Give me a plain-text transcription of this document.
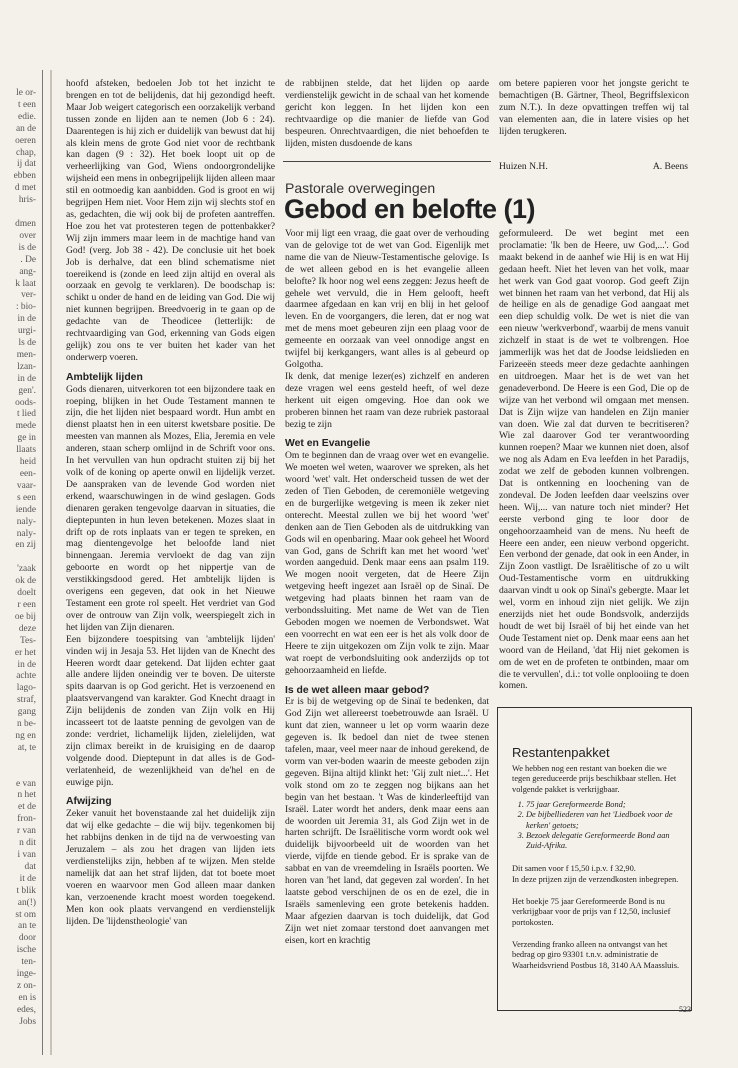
le or-
t een
edie.
an de
oeren
chap,
ij dat
ebben
d met
hris-

dmen
over
is de
. De
ang-
k laat
ver-
: bio-
in de
urgi-
ls de
men-
lzan-
in de
gen'.
oods-
t lied
mede
ge in
llaats
heid
een-
vaar-
s een
iende
naly-
naly-
en zij

'zaak
ok de
doelt
r een
oe bij
deze
Tes-
er het
in de
achte
lago-
straf,
gang
n be-
ng en
at, te

e van
n het
et de
fron-
r van
n dit
i van
dat
it de
t blik
an(!)
st om
an te
door
ische
ten-
inge-
z on-
en is
edes,
Jobs

hoofd afsteken, bedoelen Job tot het inzicht te brengen en tot de belijdenis, dat hij gezondigd heeft. Maar Job weigert categorisch een oorzakelijk verband tussen zonde en lijden aan te nemen (Job 6 : 24). Daarentegen is hij zich er duidelijk van bewust dat hij als klein mens de grote God niet voor de rechtbank kan dagen (9 : 32). Het boek loopt uit op de verheerlijking van God, Wiens ondoorgrondelijke wijsheid een mens in onbegrijpelijk lijden alleen maar stil en ootmoedig kan aanbidden. God is groot en wij begrijpen Hem niet. Voor Hem zijn wij slechts stof en as, gedachten, die wij ook bij de profeten aantreffen. Hoe zou het vat protesteren tegen de pottenbakker? Wij zijn immers maar leem in de machtige hand van God! (verg. Job 38 - 42). De conclusie uit het boek Job is derhalve, dat een blind schematisme niet toereikend is (zonde en leed zijn altijd en overal als oorzaak en gevolg te verklaren). De boodschap is: schikt u onder de hand en de leiding van God. Die wij niet kunnen begrijpen. Breedvoerig in te gaan op de gedachte van de Theodicee (letterlijk: de rechtvaardiging van God, erkenning van Gods eigen gelijk) zou ons te ver buiten het kader van het onderwerp voeren.

Ambtelijk lijden

Gods dienaren, uitverkoren tot een bijzondere taak en roeping, blijken in het Oude Testament mannen te zijn, die het lijden niet bespaard wordt. Hun ambt en dienst plaatst hen in een uiterst kwetsbare positie. De meesten van mannen als Mozes, Elia, Jeremia en vele anderen, staan scherp omlijnd in de Schrift voor ons. In het vervullen van hun opdracht stuiten zij bij het volk of de koning op aperte onwil en lijdelijk verzet. De aanspraken van de levende God worden niet erkend, waarschuwingen in de wind geslagen. Gods dienaren geraken tengevolge daarvan in situaties, die dieptepunten in hun leven betekenen. Mozes slaat in drift op de rots inplaats van er tegen te spreken, en mag dientengevolge het beloofde land niet binnengaan. Jeremia vervloekt de dag van zijn geboorte en wordt op het nippertje van de verstikkingsdood gered. Het ambtelijk lijden is overigens een gegeven, dat ook in het Nieuwe Testament een grote rol speelt. Het verdriet van God over de ontrouw van Zijn volk, weerspiegelt zich in het lijden van Zijn dienaren.

Een bijzondere toespitsing van 'ambtelijk lijden' vinden wij in Jesaja 53. Het lijden van de Knecht des Heeren wordt daar getekend. Dat lijden echter gaat alle andere lijden oneindig ver te boven. De uiterste spits daarvan is op God gericht. Het is verzoenend en plaatsvervangend van karakter. God Knecht draagt in Zijn belijdenis de zonden van Zijn volk en Hij incasseert tot de laatste penning de gevolgen van de zonde: verdriet, lichamelijk lijden, zielelijden, wat zijn climax bereikt in de kruisiging en de daarop volgende dood. Dieptepunt in dat alles is de God-verlatenheid, de wezenlijkheid van de'hel en de euwige pijn.

Afwijzing

Zeker vanuit het bovenstaande zal het duidelijk zijn dat wij elke gedachte – die wij bijv. tegenkomen bij het rabbijns denken in de tijd na de verwoesting van Jeruzalem – als zou het dragen van lijden iets verdienstelijks zijn, hebben af te wijzen. Men stelde namelijk dat aan het straf lijden, dat tot boete moet voeren en waarvoor men God alleen maar danken kan, verzoenende kracht moest worden toegekend. Men kon ook plaats vervangend en verdienstelijk lijden. De 'lijdenstheologie' van

de rabbijnen stelde, dat het lijden op aarde verdienstelijk gewicht in de schaal van het komende gericht kon leggen. In het lijden kon een rechtvaardige op die manier de liefde van God bespeuren. Onrechtvaardigen, die niet behoefden te lijden, misten dusdoende de kans

om betere papieren voor het jongste gericht te bemachtigen (B. Gärtner, Theol, Begriffslexicon zum N.T.). In deze opvattingen treffen wij tal van elementen aan, die in latere visies op het lijden terugkeren.

Huizen N.H.	A. Beens
Pastorale overwegingen
Gebod en belofte (1)

Voor mij ligt een vraag, die gaat over de verhouding van de gelovige tot de wet van God. Eigenlijk met name die van de Nieuw-Testamentische gelovige. Is de wet alleen gebod en is het evangelie alleen belofte? Ik hoor nog wel eens zeggen: Jezus heeft de gehele wet vervuld, die in Hem gelooft, heeft daarmee afgedaan en kan vrij en blij in het geloof leven. En de voorgangers, die leren, dat er nog wat met de mens moet gebeuren zijn een plaag voor de gemeente en oorzaak van veel onnodige angst en twijfel bij kerkgangers, want alles is al gebeurd op Golgotha.

Ik denk, dat menige lezer(es) zichzelf en anderen deze vragen wel eens gesteld heeft, of wel deze herkent uit eigen omgeving. Hoe dan ook we proberen binnen het raam van deze rubriek pastoraal bezig te zijn

Wet en Evangelie

Om te beginnen dan de vraag over wet en evangelie. We moeten wel weten, waarover we spreken, als het woord 'wet' valt. Het onderscheid tussen de wet der zeden of Tien Geboden, de ceremoniële wetgeving en de burgerlijke wetgeving is meen ik zeker niet onterecht. Meestal zullen we bij het woord 'wet' denken aan de Tien Geboden als de uitdrukking van Gods wil en openbaring. Maar ook geheel het Woord van God, gans de Schrift kan met het woord 'wet' worden aangeduid. Denk maar eens aan psalm 119. We mogen nooit vergeten, dat de Heere Zijn wetgeving heeft ingezet aan Israël op de Sinaï. De wetgeving had plaats binnen het raam van de verbondssluiting. Met name de Wet van de Tien Geboden mogen we noemen de Verbondswet. Wat een voorrecht en wat een eer is het als volk door de Heere te zijn uitgekozen om Zijn volk te zijn. Maar wat roept de verbondsluiting ook anderzijds op tot gehoorzaamheid en liefde.

Is de wet alleen maar gebod?

Er is bij de wetgeving op de Sinaï te bedenken, dat God Zijn wet allereerst toebetrouwde aan Israël. U kunt dat zien, wanneer u let op vorm waarin deze gegeven is. Ik bedoel dan niet de twee stenen tafelen, maar, veel meer naar de inhoud gerekend, de vorm van ver-boden waarin de meeste geboden zijn gegeven. Bijna altijd klinkt het: 'Gij zult niet...'. Het volk stond om zo te zeggen nog bijkans aan het begin van het bestaan. 't Was de kinderleeftijd van Israël. Later wordt het anders, denk maar eens aan de woorden uit Jeremia 31, als God Zijn wet in de harten schrijft. De Israëlitische vorm wordt ook wel duidelijk bijvoorbeeld uit de woorden van het vierde, vijfde en tiende gebod. Er is sprake van de sabbat en van de vreemdeling in Israëls poorten. We horen van 'het land, dat gegeven zal worden'. In het laatste gebod verschijnen de os en de ezel, die in Israëls samenleving een grote betekenis hadden. Maar afgezien daarvan is toch duidelijk, dat God Zijn wet niet zomaar terstond doet aanvangen met eisen, kort en krachtig

geformuleerd. De wet begint met een proclamatie: 'Ik ben de Heere, uw God,...'. God maakt bekend in de aanhef wie Hij is en wat Hij gedaan heeft. Niet het leven van het volk, maar het werk van God gaat voorop. God geeft Zijn wet binnen het raam van het verbond, dat Hij als de heilige en als de genadige God aangaat met een diep schuldig volk. De wet is niet die van een nieuw 'werkverbond', waarbij de mens vanuit zichzelf in staat is de wet te volbrengen. Hoe jammerlijk was het dat de Joodse leidslieden en Farizeeën steeds meer deze gedachte aanhingen en uitdroegen. Maar het is de wet van het genadeverbond. De Heere is een God, Die op de wijze van het verbond wil omgaan met mensen. Dat is Zijn wijze van handelen en Zijn manier van doen. Wie zal dat durven te becritiseren? Wie zal daarover God ter verantwoording kunnen roepen? Maar we kunnen niet doen, alsof we nog als Adam en Eva leefden in het Paradijs, zodat we zelf de geboden kunnen volbrengen. Dat is ontkenning en loochening van de zondeval. De Joden leefden daar veelszins over heen. Wij,... van nature toch niet minder? Het eerste verbond ging te loor door de ongehoorzaamheid van de mens. Nu heeft de Heere een ander, een nieuw verbond opgericht. Een verbond der genade, dat ook in een Ander, in Zijn Zoon vastligt. De Israëlitische of zo u wilt Oud-Testamentische vorm en uitdrukking daarvan vindt u ook op Sinaï's gebergte. Maar let wel, vorm en inhoud zijn niet gelijk. We zijn enerzijds niet het oude Bondsvolk, anderzijds houdt de wet bij Israël of bij het einde van het Oude Testament niet op. Denk maar eens aan het woord van de Heiland, 'dat Hij niet gekomen is om de wet en de profeten te ontbinden, maar om die te vervullen', d.i.: tot volle onplooiing te doen komen.

Restantenpakket
We hebben nog een restant van boeken die we tegen gereduceerde prijs beschikbaar stellen. Het volgende pakket is verkrijgbaar.
1. 75 jaar Gereformeerde Bond;
2. De bijbelliederen van het 'Liedboek voor de kerken' getoets;
3. Bezoek delegatie Gereformeerde Bond aan Zuid-Afrika.
Dit samen voor f 15,50 i.p.v. f 32,90.
In deze prijzen zijn de verzendkosten inbegrepen.
Het boekje 75 jaar Gereformeerde Bond is nu verkrijgbaar voor de prijs van f 12,50, inclusief portokosten.
Verzending franko alleen na ontvangst van het bedrag op giro 93301 t.n.v. administratie de Waarheidsvriend Postbus 18, 3140 AA Maassluis.
523
